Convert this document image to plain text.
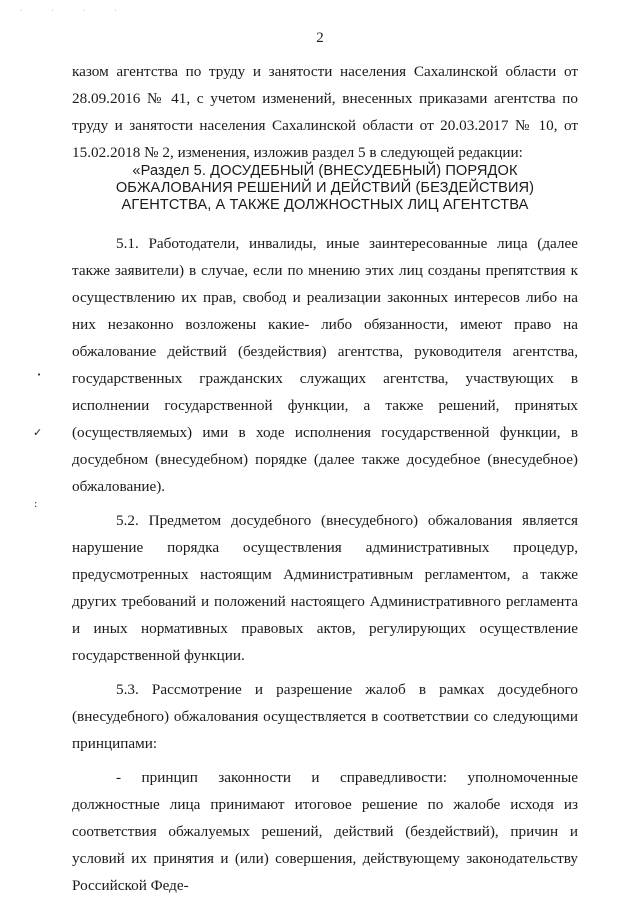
· · · ·
2
казом агентства по труду и занятости населения Сахалинской области от 28.09.2016 № 41, с учетом изменений, внесенных приказами агентства по труду и занятости населения Сахалинской области от 20.03.2017 № 10, от 15.02.2018 № 2, изменения, изложив раздел 5 в следующей редакции:
«Раздел 5. ДОСУДЕБНЫЙ (ВНЕСУДЕБНЫЙ) ПОРЯДОК
ОБЖАЛОВАНИЯ РЕШЕНИЙ И ДЕЙСТВИЙ (БЕЗДЕЙСТВИЯ)
АГЕНТСТВА, А ТАКЖЕ ДОЛЖНОСТНЫХ ЛИЦ АГЕНТСТВА

5.1. Работодатели, инвалиды, иные заинтересованные лица (далее также заявители) в случае, если по мнению этих лиц созданы препятствия к осуществлению их прав, свобод и реализации законных интересов либо на них незаконно возложены какие- либо обязанности, имеют право на обжалование действий (бездействия) агентства, руководителя агентства, государственных гражданских служащих агентства, участвующих в исполнении государственной функции, а также решений, принятых (осуществляемых) ими в ходе исполнения государственной функции, в досудебном (внесудебном) порядке (далее также досудебное (внесудебное) обжалование).

5.2. Предметом досудебного (внесудебного) обжалования является нарушение порядка осуществления административных процедур, предусмотренных настоящим Административным регламентом, а также других требований и положений настоящего Административного регламента и иных нормативных правовых актов, регулирующих осуществление государственной функции.

5.3. Рассмотрение и разрешение жалоб в рамках досудебного (внесудебного) обжалования осуществляется в соответствии со следующими принципами:

- принцип законности и справедливости: уполномоченные должностные лица принимают итоговое решение по жалобе исходя из соответствия обжалуемых решений, действий (бездействий), причин и условий их принятия и (или) совершения, действующему законодательству Российской Феде-

•
✓
:
